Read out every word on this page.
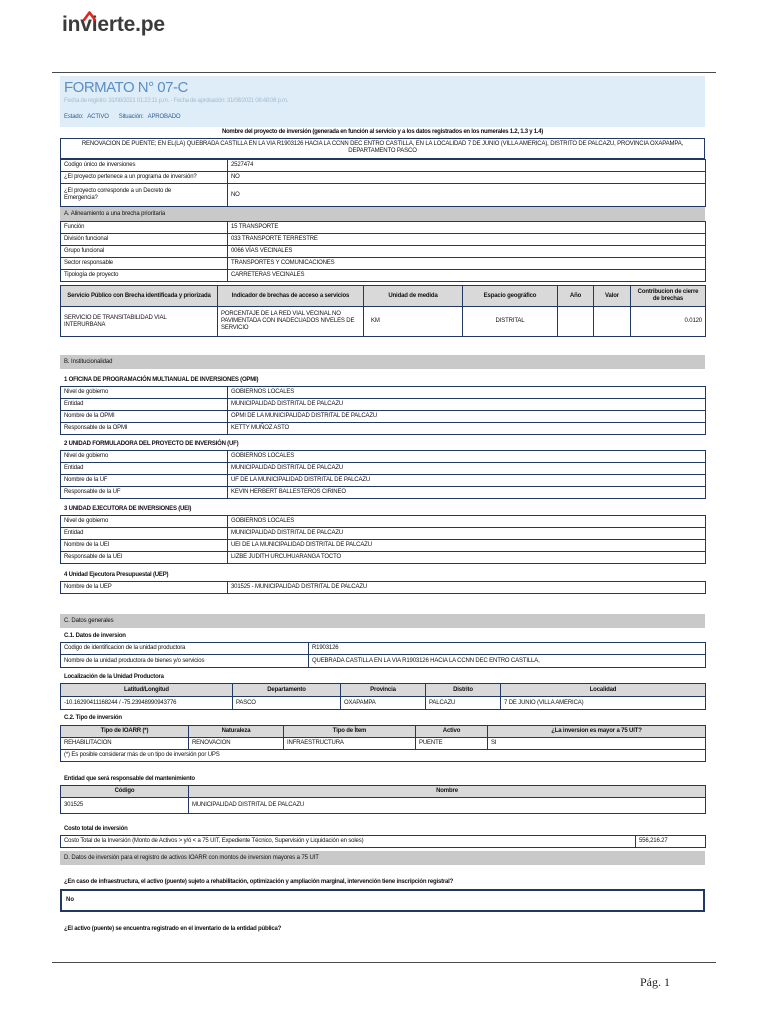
invierte.pe
FORMATO N° 07-C
Fecha de registro: 31/08/2021 01:22:11 p.m. - Fecha de aprobación: 31/08/2021 08:48:06 p.m.
Estado: ACTIVO Situación: APROBADO
Nombre del proyecto de inversión (generada en función al servicio y a los datos registrados en los numerales 1.2, 1.3 y 1.4)
RENOVACION DE PUENTE; EN EL(LA) QUEBRADA CASTILLA EN LA VIA R1903126 HACIA LA CCNN DEC ENTRO CASTILLA, EN LA LOCALIDAD 7 DE JUNIO (VILLA AMERICA), DISTRITO DE PALCAZU, PROVINCIA OXAPAMPA, DEPARTAMENTO PASCO
Codigo único de inversiones	2527474
¿El proyecto pertenece a un programa de inversión?	NO
¿El proyecto corresponde a un Decreto de Emergencia?	NO
A. Alineamiento a una brecha prioritaria
Función	15 TRANSPORTE
División funcional	033 TRANSPORTE TERRESTRE
Grupo funcional	0066 VÍAS VECINALES
Sector responsable	TRANSPORTES Y COMUNICACIONES
Tipología de proyecto	CARRETERAS VECINALES
Servicio Público con Brecha identificada y priorizada	Indicador de brechas de acceso a servicios	Unidad de medida	Espacio geográfico	Año	Valor	Contribucion de cierre de brechas
SERVICIO DE TRANSITABILIDAD VIAL INTERURBANA	PORCENTAJE DE LA RED VIAL VECINAL NO PAVIMENTADA CON INADECUADOS NIVELES DE SERVICIO	KM	DISTRITAL			0.0120
B. Institucionalidad
1 OFICINA DE PROGRAMACIÓN MULTIANUAL DE INVERSIONES (OPMI)
Nivel de gobierno	GOBIERNOS LOCALES
Entidad	MUNICIPALIDAD DISTRITAL DE PALCAZU
Nombre de la OPMI	OPMI DE LA MUNICIPALIDAD DISTRITAL DE PALCAZU
Responsable de la OPMI	KETTY MUÑOZ ASTO
2 UNIDAD FORMULADORA DEL PROYECTO DE INVERSIÓN (UF)
Nivel de gobierno	GOBIERNOS LOCALES
Entidad	MUNICIPALIDAD DISTRITAL DE PALCAZU
Nombre de la UF	UF DE LA MUNICIPALIDAD DISTRITAL DE PALCAZU
Responsable de la UF	KEVIN HERBERT BALLESTEROS CIRINEO
3 UNIDAD EJECUTORA DE INVERSIONES (UEI)
Nivel de gobierno	GOBIERNOS LOCALES
Entidad	MUNICIPALIDAD DISTRITAL DE PALCAZU
Nombre de la UEI	UEI DE LA MUNICIPALIDAD DISTRITAL DE PALCAZU
Responsable de la UEI	LIZBE JUDITH URCUHUARANGA TOCTO
4 Unidad Ejecutora Presupuestal (UEP)
Nombre de la UEP	301525 - MUNICIPALIDAD DISTRITAL DE PALCAZU
C. Datos generales
C.1. Datos de inversion
Codigo de identificacion de la unidad productora	R1903126
Nombre de la unidad productora de bienes y/o servicios	QUEBRADA CASTILLA EN LA VIA R1903126 HACIA LA CCNN DEC ENTRO CASTILLA,
Localización de la Unidad Productora
Latitud/Longitud	Departamento	Provincia	Distrito	Localidad
-10.16290411168244 / -75.23948990943776	PASCO	OXAPAMPA	PALCAZU	7 DE JUNIO (VILLA AMERICA)
C.2. Tipo de inversión
Tipo de IOARR (*)	Naturaleza	Tipo de Ítem	Activo	¿La inversion es mayor a 75 UIT?
REHABILITACION	RENOVACION	INFRAESTRUCTURA	PUENTE	SI
(*) Es posible considerar más de un tipo de inversión por UPS				
Entidad que será responsable del mantenimiento
Código	Nombre
301525	MUNICIPALIDAD DISTRITAL DE PALCAZU
Costo total de inversión
Costo Total de la Inversión (Monto de Activos > y/ó < a 75 UIT, Expediente Técnico, Supervisión y Liquidación en soles)	556,216.27
D. Datos de inversión para el registro de activos IOARR con montos de inversion mayores a 75 UIT
¿En caso de infraestructura, el activo (puente) sujeto a rehabilitación, optimización y ampliación marginal, intervención tiene inscripción registral?
No
¿El activo (puente) se encuentra registrado en el inventario de la entidad pública?
Pág. 1
